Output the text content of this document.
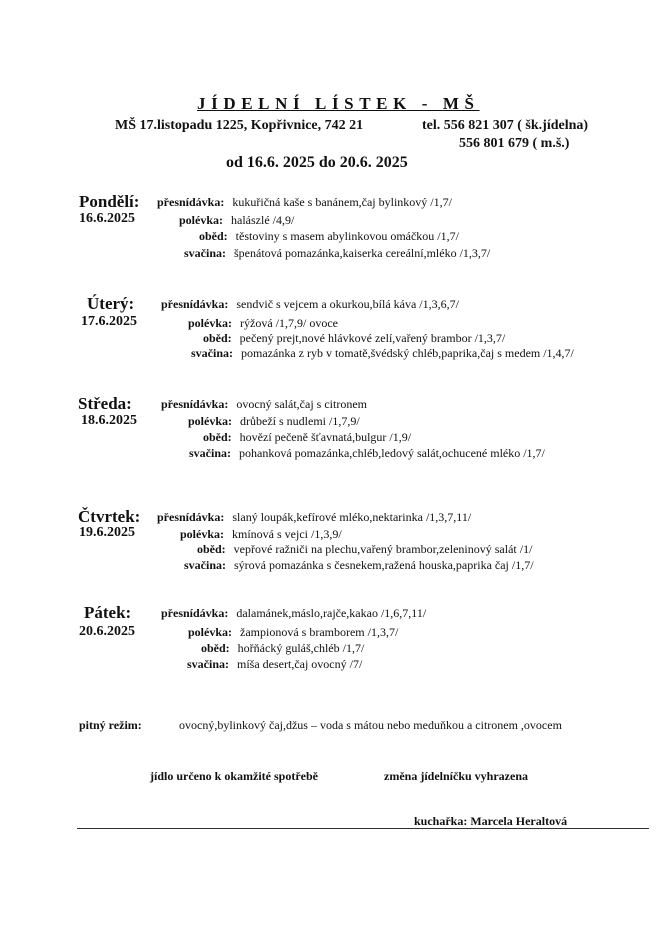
JÍDELNÍ LÍSTEK - MŠ
MŠ 17.listopadu 1225, Kopřivnice, 742 21	tel. 556 821 307 ( šk.jídelna)
556 801 679 ( m.š.)
od 16.6. 2025 do 20.6. 2025
Pondělí:
16.6.2025
přesnídávka: kukuřičná kaše s banánem,čaj bylinkový /1,7/
polévka: halászlé /4,9/
oběd: těstoviny s masem abylinkovou omáčkou /1,7/
svačina: špenátová pomazánka,kaiserka cereální,mléko /1,3,7/
Úterý:
17.6.2025
přesnídávka: sendvič s vejcem a okurkou,bílá káva /1,3,6,7/
polévka: rýžová /1,7,9/ ovoce
oběd: pečený prejt,nové hlávkové zelí,vařený brambor /1,3,7/
svačina: pomazánka z ryb v tomatě,švédský chléb,paprika,čaj s medem /1,4,7/
Středa:
18.6.2025
přesnídávka: ovocný salát,čaj s citronem
polévka: drůbeží s nudlemi /1,7,9/
oběd: hovězí pečeně šťavnatá,bulgur /1,9/
svačina: pohanková pomazánka,chléb,ledový salát,ochucené mléko /1,7/
Čtvrtek:
19.6.2025
přesnídávka: slaný loupák,kefírové mléko,nektarinka /1,3,7,11/
polévka: kmínová s vejci /1,3,9/
oběd: vepřové ražniči na plechu,vařený brambor,zeleninový salát /1/
svačina: sýrová pomazánka s česnekem,ražená houska,paprika čaj /1,7/
Pátek:
20.6.2025
přesnídávka: dalamánek,máslo,rajče,kakao /1,6,7,11/
polévka: žampionová s bramborem /1,3,7/
oběd: hořňácký guláš,chléb /1,7/
svačina: míša desert,čaj ovocný /7/
pitný režim:	ovocný,bylinkový čaj,džus – voda s mátou nebo meduňkou a citronem ,ovocem
jídlo určeno k okamžité spotřebě	změna jídelníčku vyhrazena
kuchařka: Marcela Heraltová
